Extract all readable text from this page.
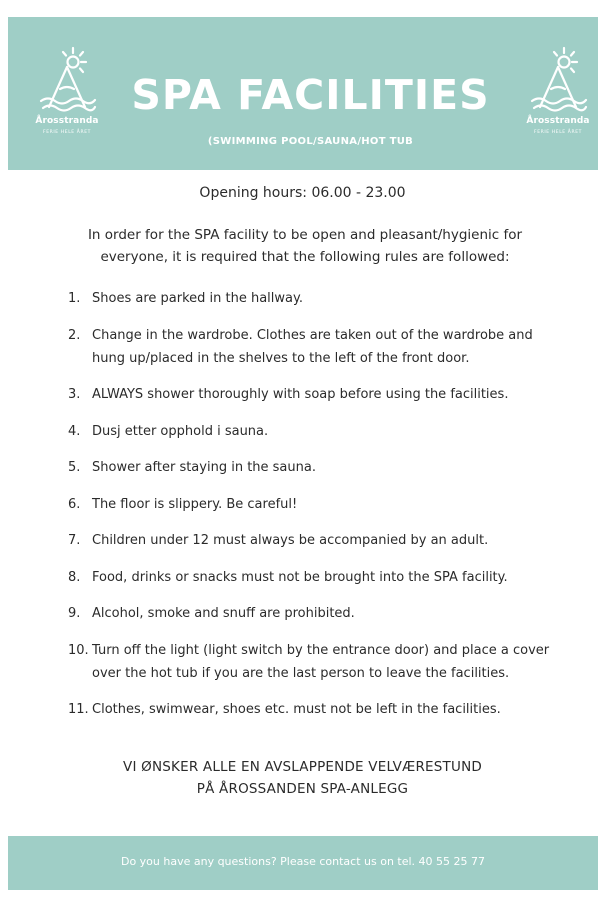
Årosstranda
FERIE HELE ÅRET
SPA FACILITIES
(SWIMMING POOL/SAUNA/HOT TUB
Årosstranda
FERIE HELE ÅRET
Opening hours: 06.00 - 23.00
In order for the SPA facility to be open and pleasant/hygienic for everyone, it is required that the following rules are followed:
1. Shoes are parked in the hallway.
2. Change in the wardrobe. Clothes are taken out of the wardrobe and hung up/placed in the shelves to the left of the front door.
3. ALWAYS shower thoroughly with soap before using the facilities.
4. Dusj etter opphold i sauna.
5. Shower after staying in the sauna.
6. The floor is slippery. Be careful!
7. Children under 12 must always be accompanied by an adult.
8. Food, drinks or snacks must not be brought into the SPA facility.
9. Alcohol, smoke and snuff are prohibited.
10. Turn off the light (light switch by the entrance door) and place a cover over the hot tub if you are the last person to leave the facilities.
11. Clothes, swimwear, shoes etc. must not be left in the facilities.
VI ØNSKER ALLE EN AVSLAPPENDE VELVÆRESTUND
PÅ ÅROSSANDEN SPA-ANLEGG
Do you have any questions? Please contact us on tel. 40 55 25 77
